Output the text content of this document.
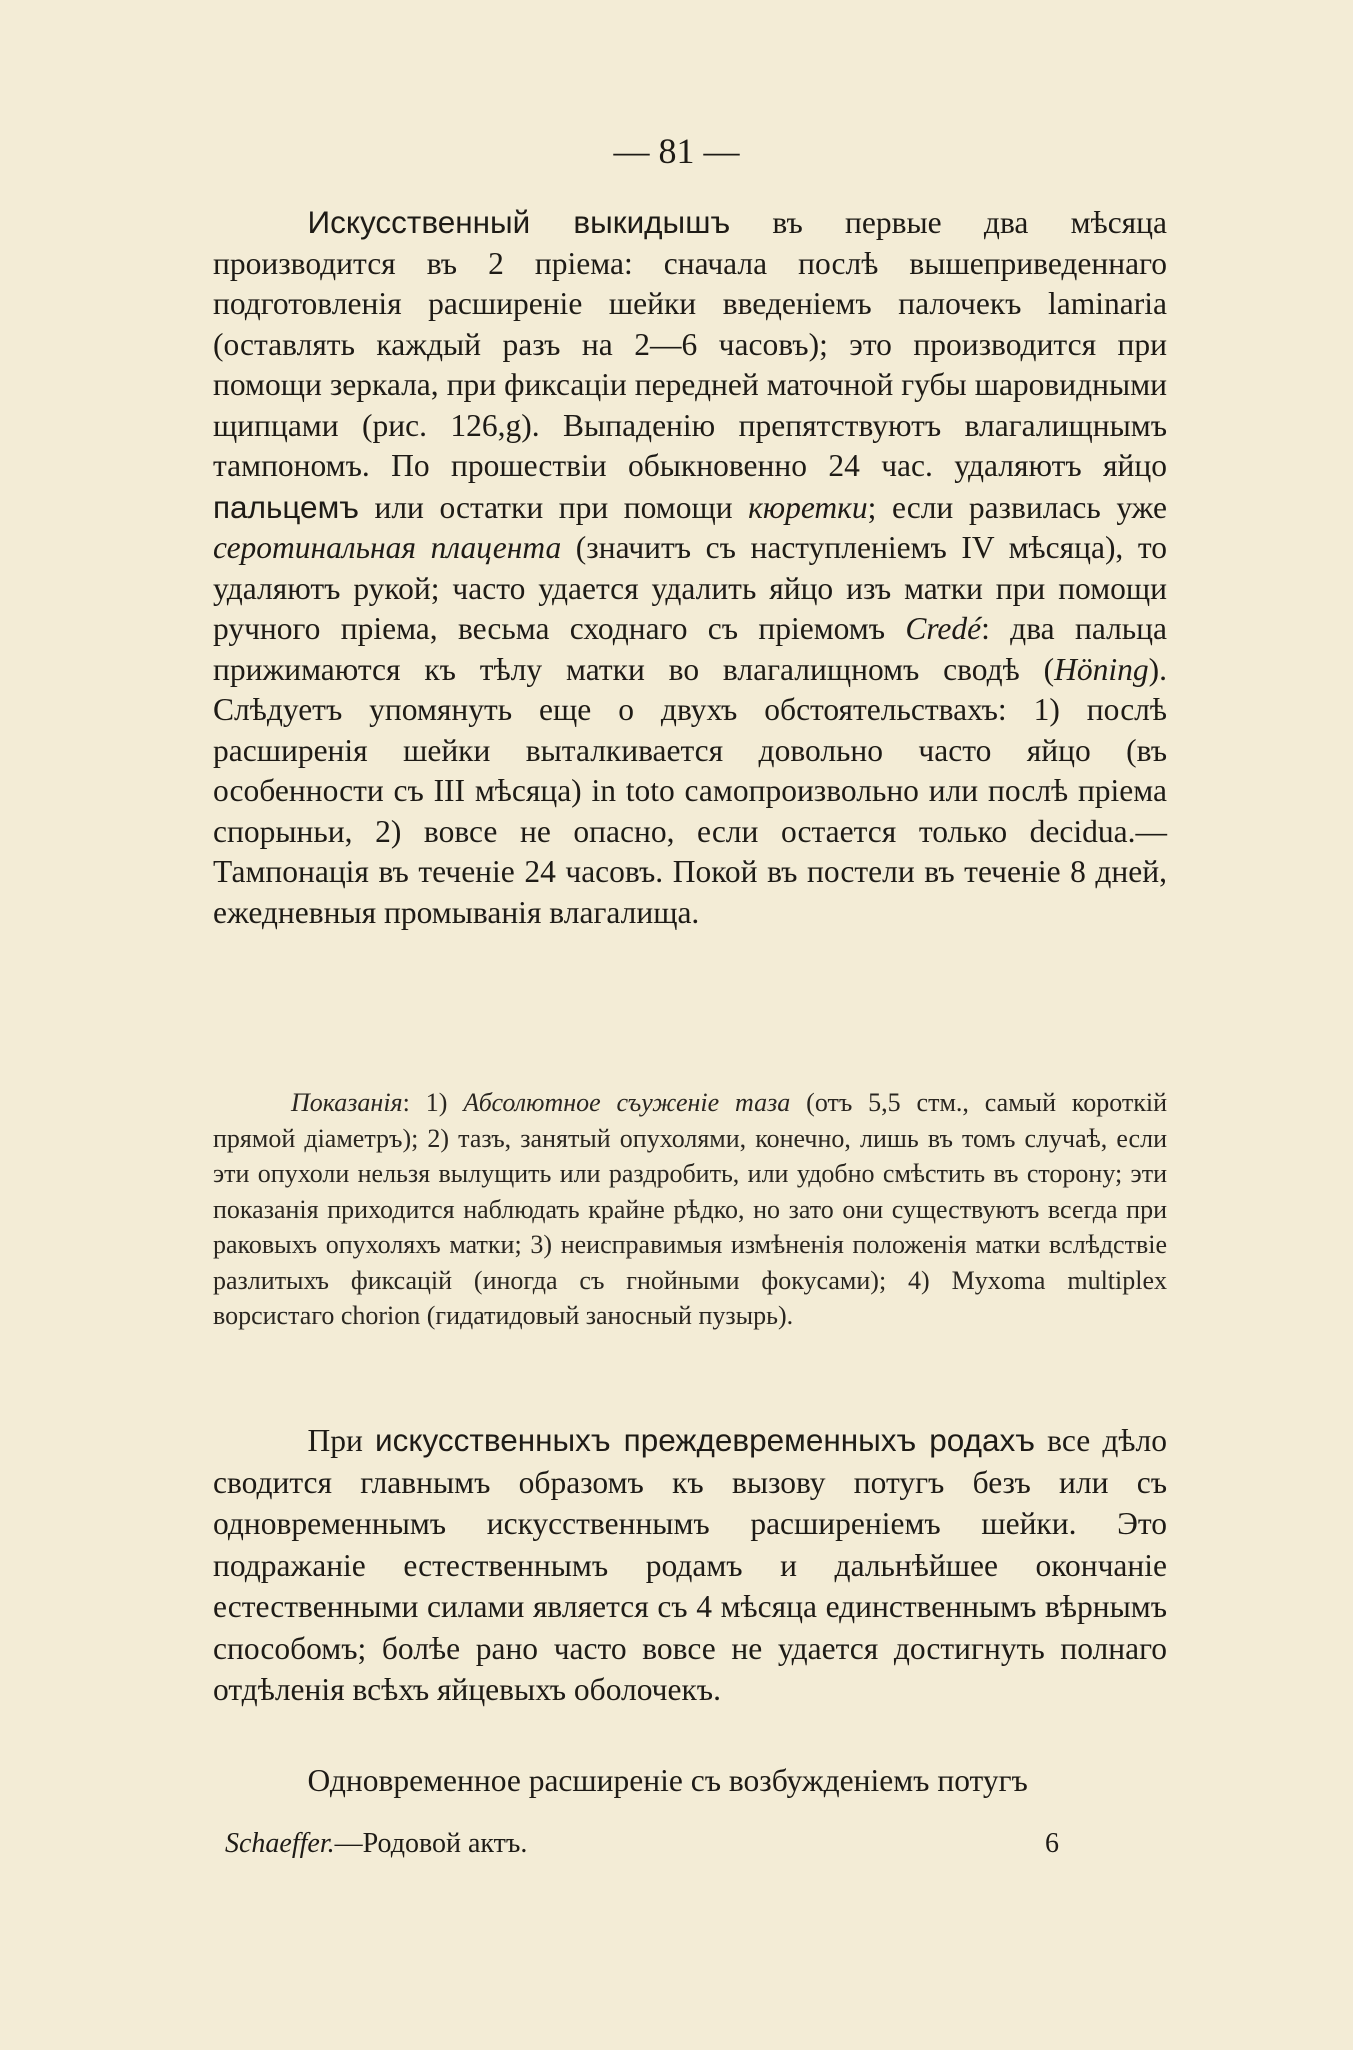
— 81 —
Искусственный выкидышъ въ первые два мѣсяца производится въ 2 пріема: сначала послѣ вышеприведеннаго подготовленія расширеніе шейки введеніемъ палочекъ laminaria (оставлять каждый разъ на 2—6 часовъ); это производится при помощи зеркала, при фиксаціи передней маточной губы шаровидными щипцами (рис. 126,g). Выпаденію препятствуютъ влагалищнымъ тампономъ. По прошествіи обыкновенно 24 час. удаляютъ яйцо пальцемъ или остатки при помощи кюретки; если развилась уже серотинальная плацента (значитъ съ наступленіемъ IV мѣсяца), то удаляютъ рукой; часто удается удалить яйцо изъ матки при помощи ручного пріема, весьма сходнаго съ пріемомъ Credé: два пальца прижимаются къ тѣлу матки во влагалищномъ сводѣ (Höning). Слѣдуетъ упомянуть еще о двухъ обстоятельствахъ: 1) послѣ расширенія шейки выталкивается довольно часто яйцо (въ особенности съ III мѣсяца) in toto самопроизвольно или послѣ пріема спорыньи, 2) вовсе не опасно, если остается только decidua.— Тампонація въ теченіе 24 часовъ. Покой въ постели въ теченіе 8 дней, ежедневныя промыванія влагалища.
Показанія: 1) Абсолютное съуженіе таза (отъ 5,5 стм., самый короткій прямой діаметръ); 2) тазъ, занятый опухолями, конечно, лишь въ томъ случаѣ, если эти опухоли нельзя вылущить или раздробить, или удобно смѣстить въ сторону; эти показанія приходится наблюдать крайне рѣдко, но зато они существуютъ всегда при раковыхъ опухоляхъ матки; 3) неисправимыя измѣненія положенія матки вслѣдствіе разлитыхъ фиксацій (иногда съ гнойными фокусами); 4) Myxoma multiplex ворсистаго chorion (гидатидовый заносный пузырь).
При искусственныхъ преждевременныхъ родахъ все дѣло сводится главнымъ образомъ къ вызову потугъ безъ или съ одновременнымъ искусственнымъ расширеніемъ шейки. Это подражаніе естественнымъ родамъ и дальнѣйшее окончаніе естественными силами является съ 4 мѣсяца единственнымъ вѣрнымъ способомъ; болѣе рано часто вовсе не удается достигнуть полнаго отдѣленія всѣхъ яйцевыхъ оболочекъ.
Одновременное расширеніе съ возбужденіемъ потугъ
Schaeffer.—Родовой актъ.	6
